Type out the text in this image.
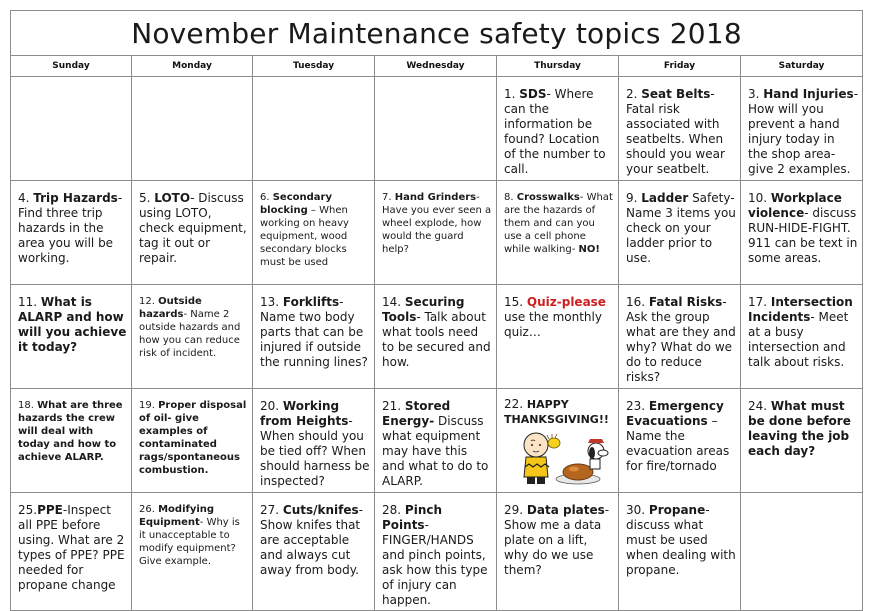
November Maintenance safety topics 2018						
Sunday	Monday	Tuesday	Wednesday	Thursday	Friday	Saturday

				1. SDS- Where can the information be found? Location of the number to call.	2. Seat Belts- Fatal risk associated with seatbelts. When should you wear your seatbelt.	3. Hand Injuries- How will you prevent a hand injury today in the shop area- give 2 examples.

4. Trip Hazards- Find three trip hazards in the area you will be working.	5. LOTO- Discuss using LOTO, check equipment, tag it out or repair.	6. Secondary blocking – When working on heavy equipment, wood secondary blocks must be used	7. Hand Grinders- Have you ever seen a wheel explode, how would the guard help?	8. Crosswalks- What are the hazards of them and can you use a cell phone while walking- NO!	9. Ladder Safety- Name 3 items you check on your ladder prior to use.	10. Workplace violence- discuss RUN-HIDE-FIGHT. 911 can be text in some areas.

11. What is ALARP and how will you achieve it today?	12. Outside hazards- Name 2 outside hazards and how you can reduce risk of incident.	13. Forklifts- Name two body parts that can be injured if outside the running lines?	14. Securing Tools- Talk about what tools need to be secured and how.	15. Quiz-please use the monthly quiz…	16. Fatal Risks- Ask the group what are they and why? What do we do to reduce risks?	17. Intersection Incidents- Meet at a busy intersection and talk about risks.

18. What are three hazards the crew will deal with today and how to achieve ALARP.	19. Proper disposal of oil- give examples of contaminated rags/spontaneous combustion.	20. Working from Heights- When should you be tied off? When should harness be inspected?	21. Stored Energy- Discuss what equipment may have this and what to do to ALARP.	22. HAPPY THANKSGIVING!!	23. Emergency Evacuations – Name the evacuation areas for fire/tornado	24. What must be done before leaving the job each day?

25.PPE-Inspect all PPE before using. What are 2 types of PPE? PPE needed for propane change	26. Modifying Equipment- Why is it unacceptable to modify equipment? Give example.	27. Cuts/knifes- Show knifes that are acceptable and always cut away from body.	28. Pinch Points- FINGER/HANDS and pinch points, ask how this type of injury can happen.	29. Data plates- Show me a data plate on a lift, why do we use them?	30. Propane- discuss what must be used when dealing with propane.	
